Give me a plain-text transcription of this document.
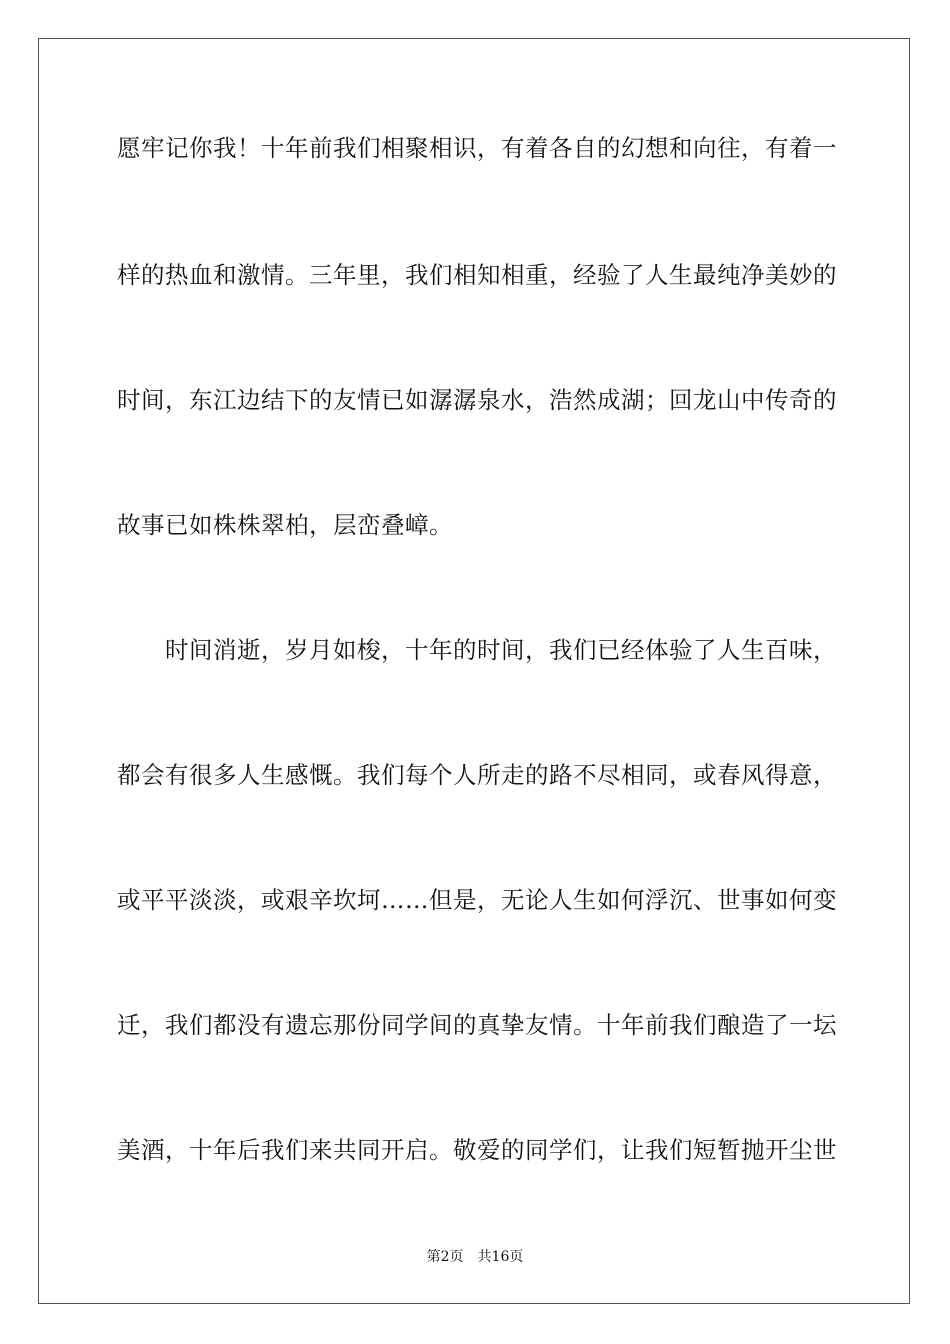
愿牢记你我！十年前我们相聚相识，有着各自的幻想和向往，有着一
样的热血和激情。三年里，我们相知相重，经验了人生最纯净美妙的
时间，东江边结下的友情已如潺潺泉水，浩然成湖；回龙山中传奇的
故事已如株株翠柏，层峦叠嶂。
时间消逝，岁月如梭，十年的时间，我们已经体验了人生百味，
都会有很多人生感慨。我们每个人所走的路不尽相同，或春风得意，
或平平淡淡，或艰辛坎坷……但是，无论人生如何浮沉、世事如何变
迁，我们都没有遗忘那份同学间的真挚友情。十年前我们酿造了一坛
美酒，十年后我们来共同开启。敬爱的同学们，让我们短暂抛开尘世
第2页 共16页
